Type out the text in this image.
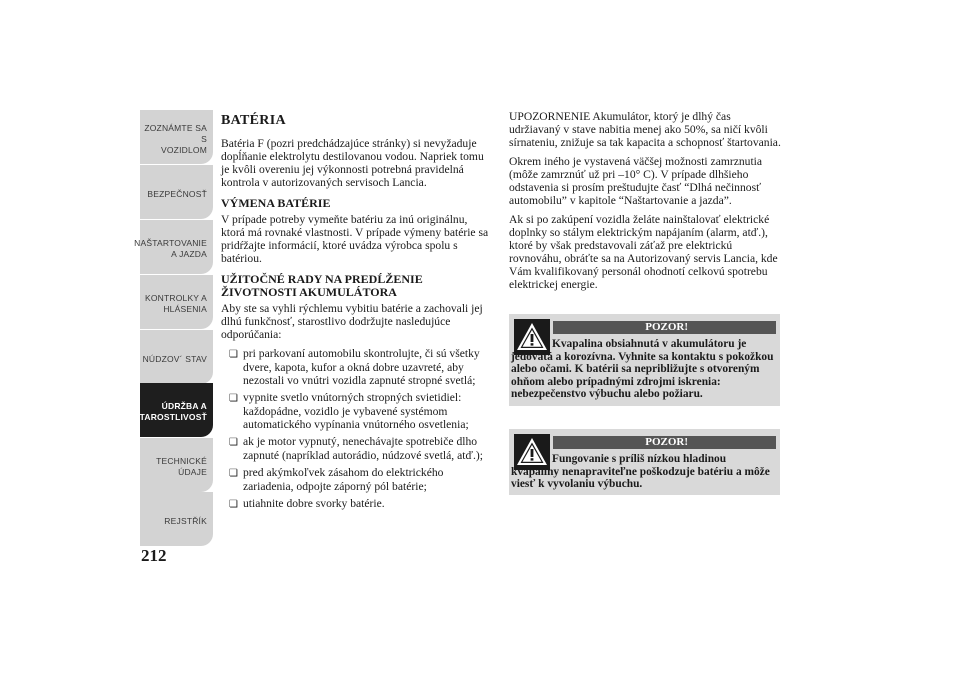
ZOZNÁMTE SA S
VOZIDLOM
BEZPEČNOSŤ
NAŠTARTOVANIE
A JAZDA
KONTROLKY A
HLÁSENIA
NÚDZOV´ STAV
ÚDRŽBA A
STAROSTLIVOSŤ
TECHNICKÉ
ÚDAJE
REJSTŘÍK
212
BATÉRIA

Batéria F (pozri predchádzajúce stránky) si nevyžaduje dopĺňanie elektrolytu destilovanou vodou. Napriek tomu je kvôli overeniu jej výkonnosti potrebná pravidelná kontrola v autorizovaných servisoch Lancia.

VÝMENA BATÉRIE

V prípade potreby vymeňte batériu za inú originálnu, ktorá má rovnaké vlastnosti. V prípade výmeny batérie sa pridŕžajte informácií, ktoré uvádza výrobca spolu s batériou.

UŽITOČNÉ RADY NA PREDĹŽENIE ŽIVOTNOSTI AKUMULÁTORA

Aby ste sa vyhli rýchlemu vybitiu batérie a zachovali jej dlhú funkčnosť, starostlivo dodržujte nasledujúce odporúčania:

❏ pri parkovaní automobilu skontrolujte, či sú všetky dvere, kapota, kufor a okná dobre uzavreté, aby nezostali vo vnútri vozidla zapnuté stropné svetlá;
❏ vypnite svetlo vnútorných stropných svietidiel: každopádne, vozidlo je vybavené systémom automatického vypínania vnútorného osvetlenia;
❏ ak je motor vypnutý, nenechávajte spotrebiče dlho zapnuté (napríklad autorádio, núdzové svetlá, atď.);
❏ pred akýmkoľvek zásahom do elektrického zariadenia, odpojte záporný pól batérie;
❏ utiahnite dobre svorky batérie.

UPOZORNENIE Akumulátor, ktorý je dlhý čas udržiavaný v stave nabitia menej ako 50%, sa ničí kvôli sírnateniu, znižuje sa tak kapacita a schopnosť štartovania.

Okrem iného je vystavená väčšej možnosti zamrznutia (môže zamrznúť už pri –10° C). V prípade dlhšieho odstavenia si prosím preštudujte časť “Dlhá nečinnosť automobilu” v kapitole “Naštartovanie a jazda”.

Ak si po zakúpení vozidla želáte nainštalovať elektrické doplnky so stálym elektrickým napájaním (alarm, atď.), ktoré by však predstavovali záťaž pre elektrickú rovnováhu, obráťte sa na Autorizovaný servis Lancia, kde Vám kvalifikovaný personál ohodnotí celkovú spotrebu elektrickej energie.

POZOR!
Kvapalina obsiahnutá v akumulátoru je jedovatá a korozívna. Vyhnite sa kontaktu s pokožkou alebo očami. K batérii sa nepribližujte s otvoreným ohňom alebo prípadnými zdrojmi iskrenia: nebezpečenstvo výbuchu alebo požiaru.
POZOR!
Fungovanie s príliš nízkou hladinou kvapaliny nenapraviteľne poškodzuje batériu a môže viesť k vyvolaniu výbuchu.
